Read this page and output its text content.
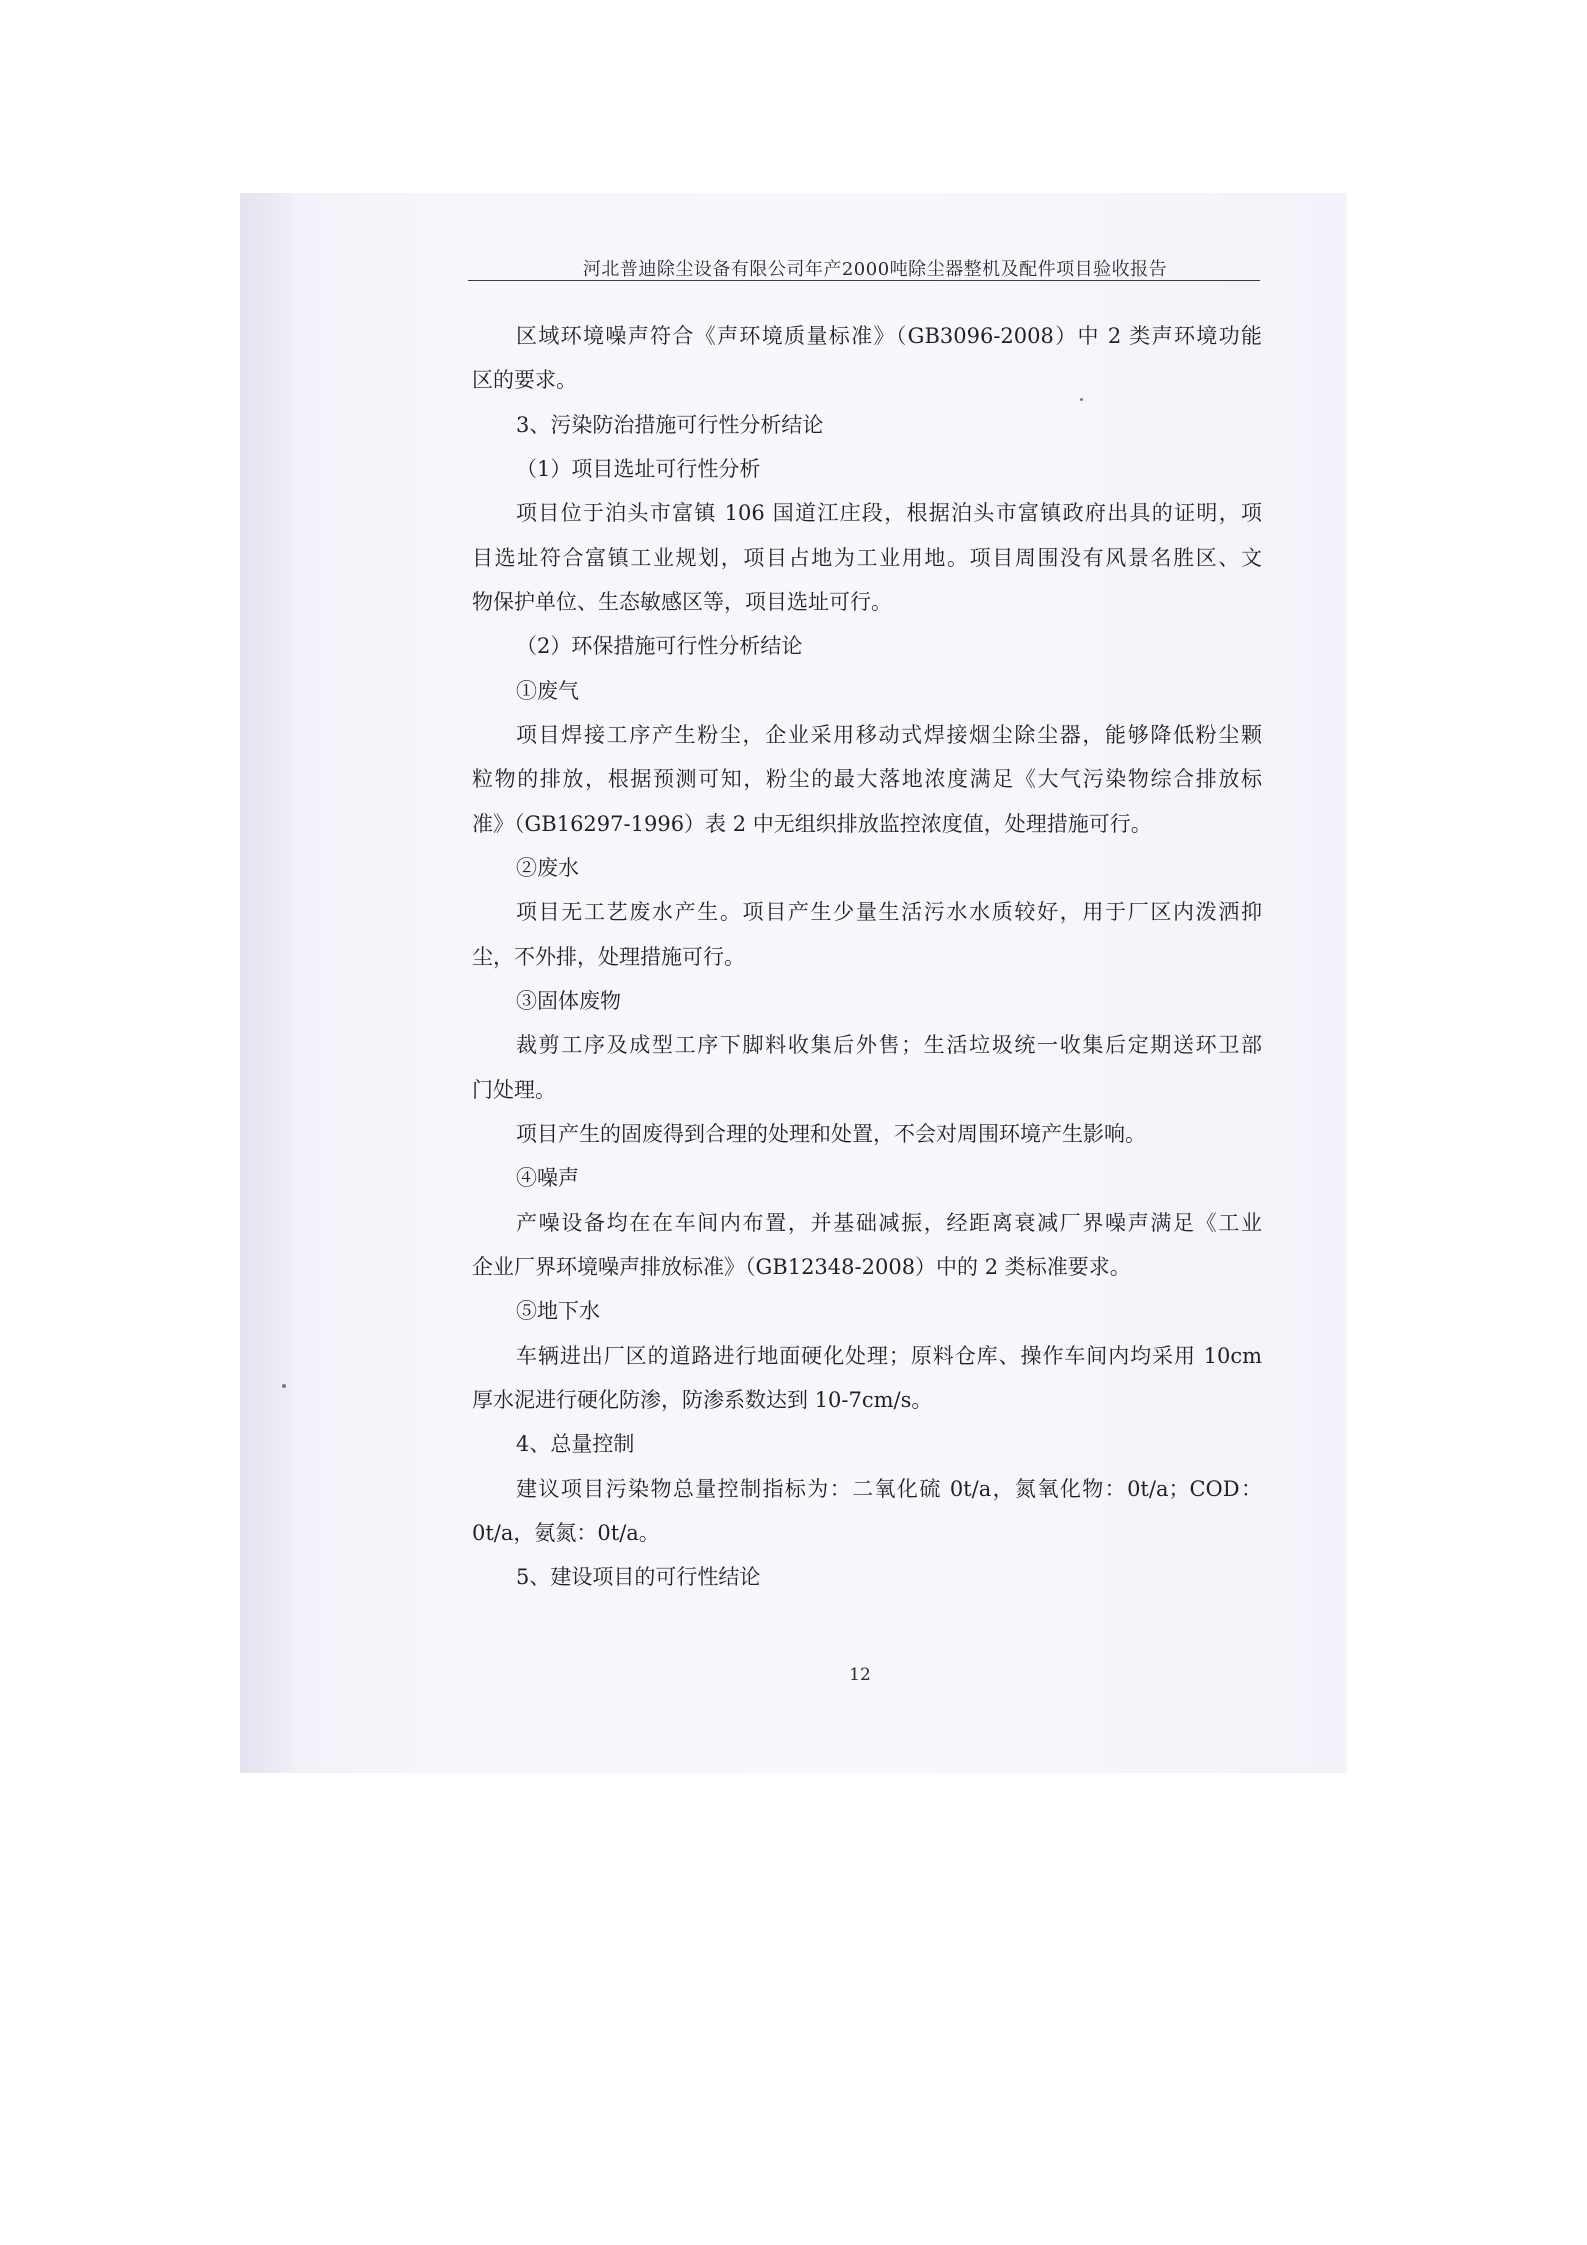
河北普迪除尘设备有限公司年产2000吨除尘器整机及配件项目验收报告
区域环境噪声符合《声环境质量标准》（GB3096-2008）中 2 类声环境功能
区的要求。
3、污染防治措施可行性分析结论
（1）项目选址可行性分析
项目位于泊头市富镇 106 国道江庄段，根据泊头市富镇政府出具的证明，项
目选址符合富镇工业规划，项目占地为工业用地。项目周围没有风景名胜区、文
物保护单位、生态敏感区等，项目选址可行。
（2）环保措施可行性分析结论
①废气
项目焊接工序产生粉尘，企业采用移动式焊接烟尘除尘器，能够降低粉尘颗
粒物的排放，根据预测可知，粉尘的最大落地浓度满足《大气污染物综合排放标
准》（GB16297-1996）表 2 中无组织排放监控浓度值，处理措施可行。
②废水
项目无工艺废水产生。项目产生少量生活污水水质较好，用于厂区内泼洒抑
尘，不外排，处理措施可行。
③固体废物
裁剪工序及成型工序下脚料收集后外售；生活垃圾统一收集后定期送环卫部
门处理。
项目产生的固废得到合理的处理和处置，不会对周围环境产生影响。
④噪声
产噪设备均在在车间内布置，并基础减振，经距离衰减厂界噪声满足《工业
企业厂界环境噪声排放标准》（GB12348-2008）中的 2 类标准要求。
⑤地下水
车辆进出厂区的道路进行地面硬化处理；原料仓库、操作车间内均采用 10cm
厚水泥进行硬化防渗，防渗系数达到 10-7cm/s。
4、总量控制
建议项目污染物总量控制指标为：二氧化硫 0t/a，氮氧化物：0t/a；COD：
0t/a，氨氮：0t/a。
5、建设项目的可行性结论
12
